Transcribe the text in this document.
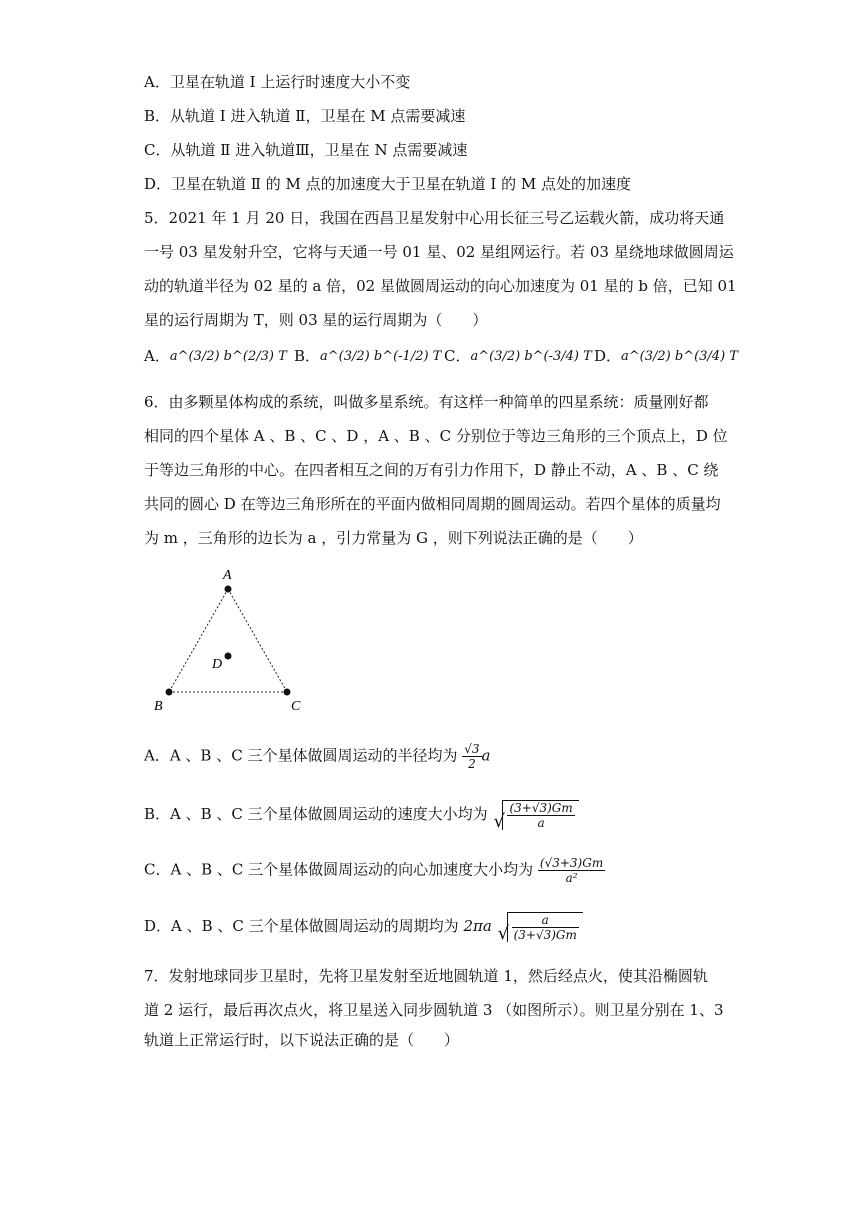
A．卫星在轨道 I 上运行时速度大小不变
B．从轨道 I 进入轨道 Ⅱ，卫星在 M 点需要减速
C．从轨道 Ⅱ 进入轨道Ⅲ，卫星在 N 点需要减速
D．卫星在轨道 Ⅱ 的 M 点的加速度大于卫星在轨道 I 的 M 点处的加速度
5．2021 年 1 月 20 日，我国在西昌卫星发射中心用长征三号乙运载火箭，成功将天通
一号 03 星发射升空，它将与天通一号 01 星、02 星组网运行。若 03 星绕地球做圆周运
动的轨道半径为 02 星的 a 倍，02 星做圆周运动的向心加速度为 01 星的 b 倍，已知 01
星的运行周期为 T，则 03 星的运行周期为（　　）
A．a^(3/2) b^(2/3) T B．a^(3/2) b^(-1/2) T C．a^(3/2) b^(-3/4) T D．a^(3/2) b^(3/4) T
6．由多颗星体构成的系统，叫做多星系统。有这样一种简单的四星系统：质量刚好都
相同的四个星体 A 、B 、C 、D ，A 、B 、C 分别位于等边三角形的三个顶点上，D 位
于等边三角形的中心。在四者相互之间的万有引力作用下，D 静止不动，A 、B 、C 绕
共同的圆心 D 在等边三角形所在的平面内做相同周期的圆周运动。若四个星体的质量均
为 m ，三角形的边长为 a ，引力常量为 G ，则下列说法正确的是（　　）
A
B	C
D
A．A 、B 、C 三个星体做圆周运动的半径均为 $\frac{√3}{2}$ a
B．A 、B 、C 三个星体做圆周运动的速度大小均为 √ $\frac{(3+√3)Gm}{a}$
C．A 、B 、C 三个星体做圆周运动的向心加速度大小均为 $\frac{(√3+3)Gm}{\text{a²}}$
D．A 、B 、C 三个星体做圆周运动的周期均为 2πa √ $\frac{a}{(3+√3)Gm}$
7．发射地球同步卫星时，先将卫星发射至近地圆轨道 1，然后经点火，使其沿椭圆轨
道 2 运行，最后再次点火，将卫星送入同步圆轨道 3 （如图所示）。则卫星分别在 1、3
轨道上正常运行时，以下说法正确的是（　　）
